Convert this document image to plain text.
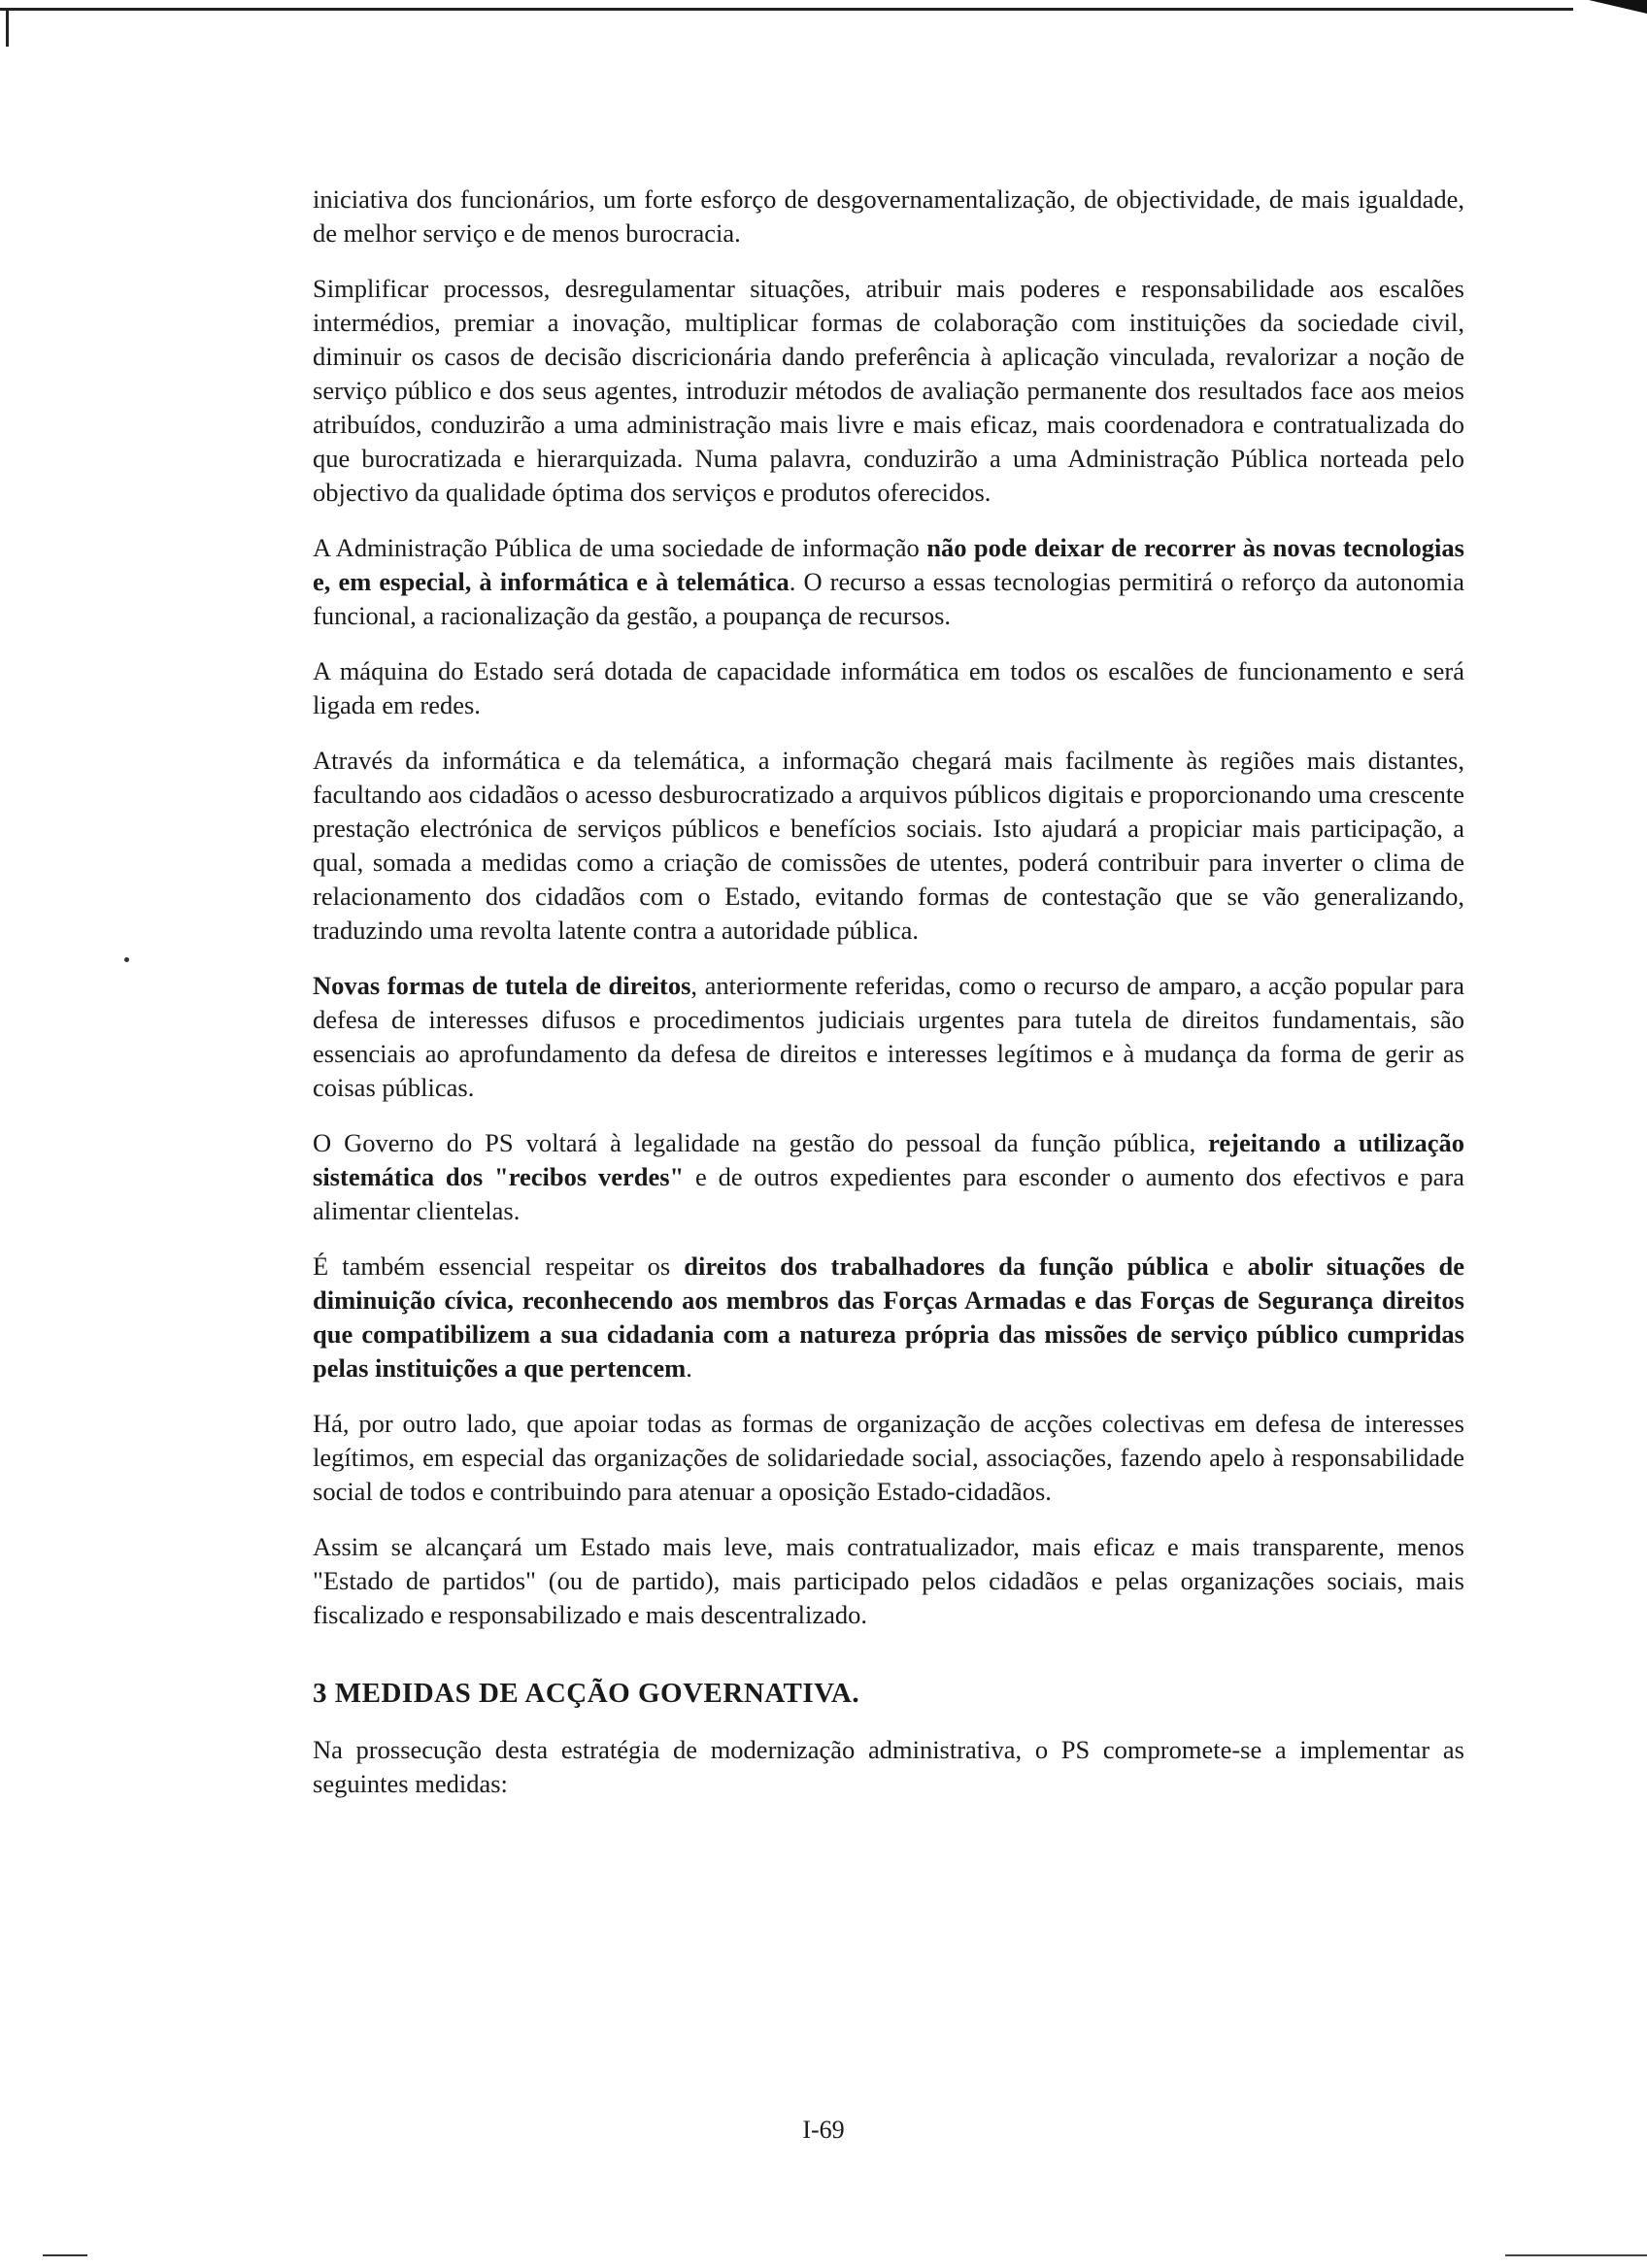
iniciativa dos funcionários, um forte esforço de desgovernamentalização, de objectividade, de mais igualdade, de melhor serviço e de menos burocracia.

Simplificar processos, desregulamentar situações, atribuir mais poderes e responsabilidade aos escalões intermédios, premiar a inovação, multiplicar formas de colaboração com instituições da sociedade civil, diminuir os casos de decisão discricionária dando preferência à aplicação vinculada, revalorizar a noção de serviço público e dos seus agentes, introduzir métodos de avaliação permanente dos resultados face aos meios atribuídos, conduzirão a uma administração mais livre e mais eficaz, mais coordenadora e contratualizada do que burocratizada e hierarquizada. Numa palavra, conduzirão a uma Administração Pública norteada pelo objectivo da qualidade óptima dos serviços e produtos oferecidos.

A Administração Pública de uma sociedade de informação não pode deixar de recorrer às novas tecnologias e, em especial, à informática e à telemática. O recurso a essas tecnologias permitirá o reforço da autonomia funcional, a racionalização da gestão, a poupança de recursos.

A máquina do Estado será dotada de capacidade informática em todos os escalões de funcionamento e será ligada em redes.

Através da informática e da telemática, a informação chegará mais facilmente às regiões mais distantes, facultando aos cidadãos o acesso desburocratizado a arquivos públicos digitais e proporcionando uma crescente prestação electrónica de serviços públicos e benefícios sociais. Isto ajudará a propiciar mais participação, a qual, somada a medidas como a criação de comissões de utentes, poderá contribuir para inverter o clima de relacionamento dos cidadãos com o Estado, evitando formas de contestação que se vão generalizando, traduzindo uma revolta latente contra a autoridade pública.

Novas formas de tutela de direitos, anteriormente referidas, como o recurso de amparo, a acção popular para defesa de interesses difusos e procedimentos judiciais urgentes para tutela de direitos fundamentais, são essenciais ao aprofundamento da defesa de direitos e interesses legítimos e à mudança da forma de gerir as coisas públicas.

O Governo do PS voltará à legalidade na gestão do pessoal da função pública, rejeitando a utilização sistemática dos "recibos verdes" e de outros expedientes para esconder o aumento dos efectivos e para alimentar clientelas.

É também essencial respeitar os direitos dos trabalhadores da função pública e abolir situações de diminuição cívica, reconhecendo aos membros das Forças Armadas e das Forças de Segurança direitos que compatibilizem a sua cidadania com a natureza própria das missões de serviço público cumpridas pelas instituições a que pertencem.

Há, por outro lado, que apoiar todas as formas de organização de acções colectivas em defesa de interesses legítimos, em especial das organizações de solidariedade social, associações, fazendo apelo à responsabilidade social de todos e contribuindo para atenuar a oposição Estado-cidadãos.

Assim se alcançará um Estado mais leve, mais contratualizador, mais eficaz e mais transparente, menos "Estado de partidos" (ou de partido), mais participado pelos cidadãos e pelas organizações sociais, mais fiscalizado e responsabilizado e mais descentralizado.

3 MEDIDAS DE ACÇÃO GOVERNATIVA.

Na prossecução desta estratégia de modernização administrativa, o PS compromete-se a implementar as seguintes medidas:

I-69
